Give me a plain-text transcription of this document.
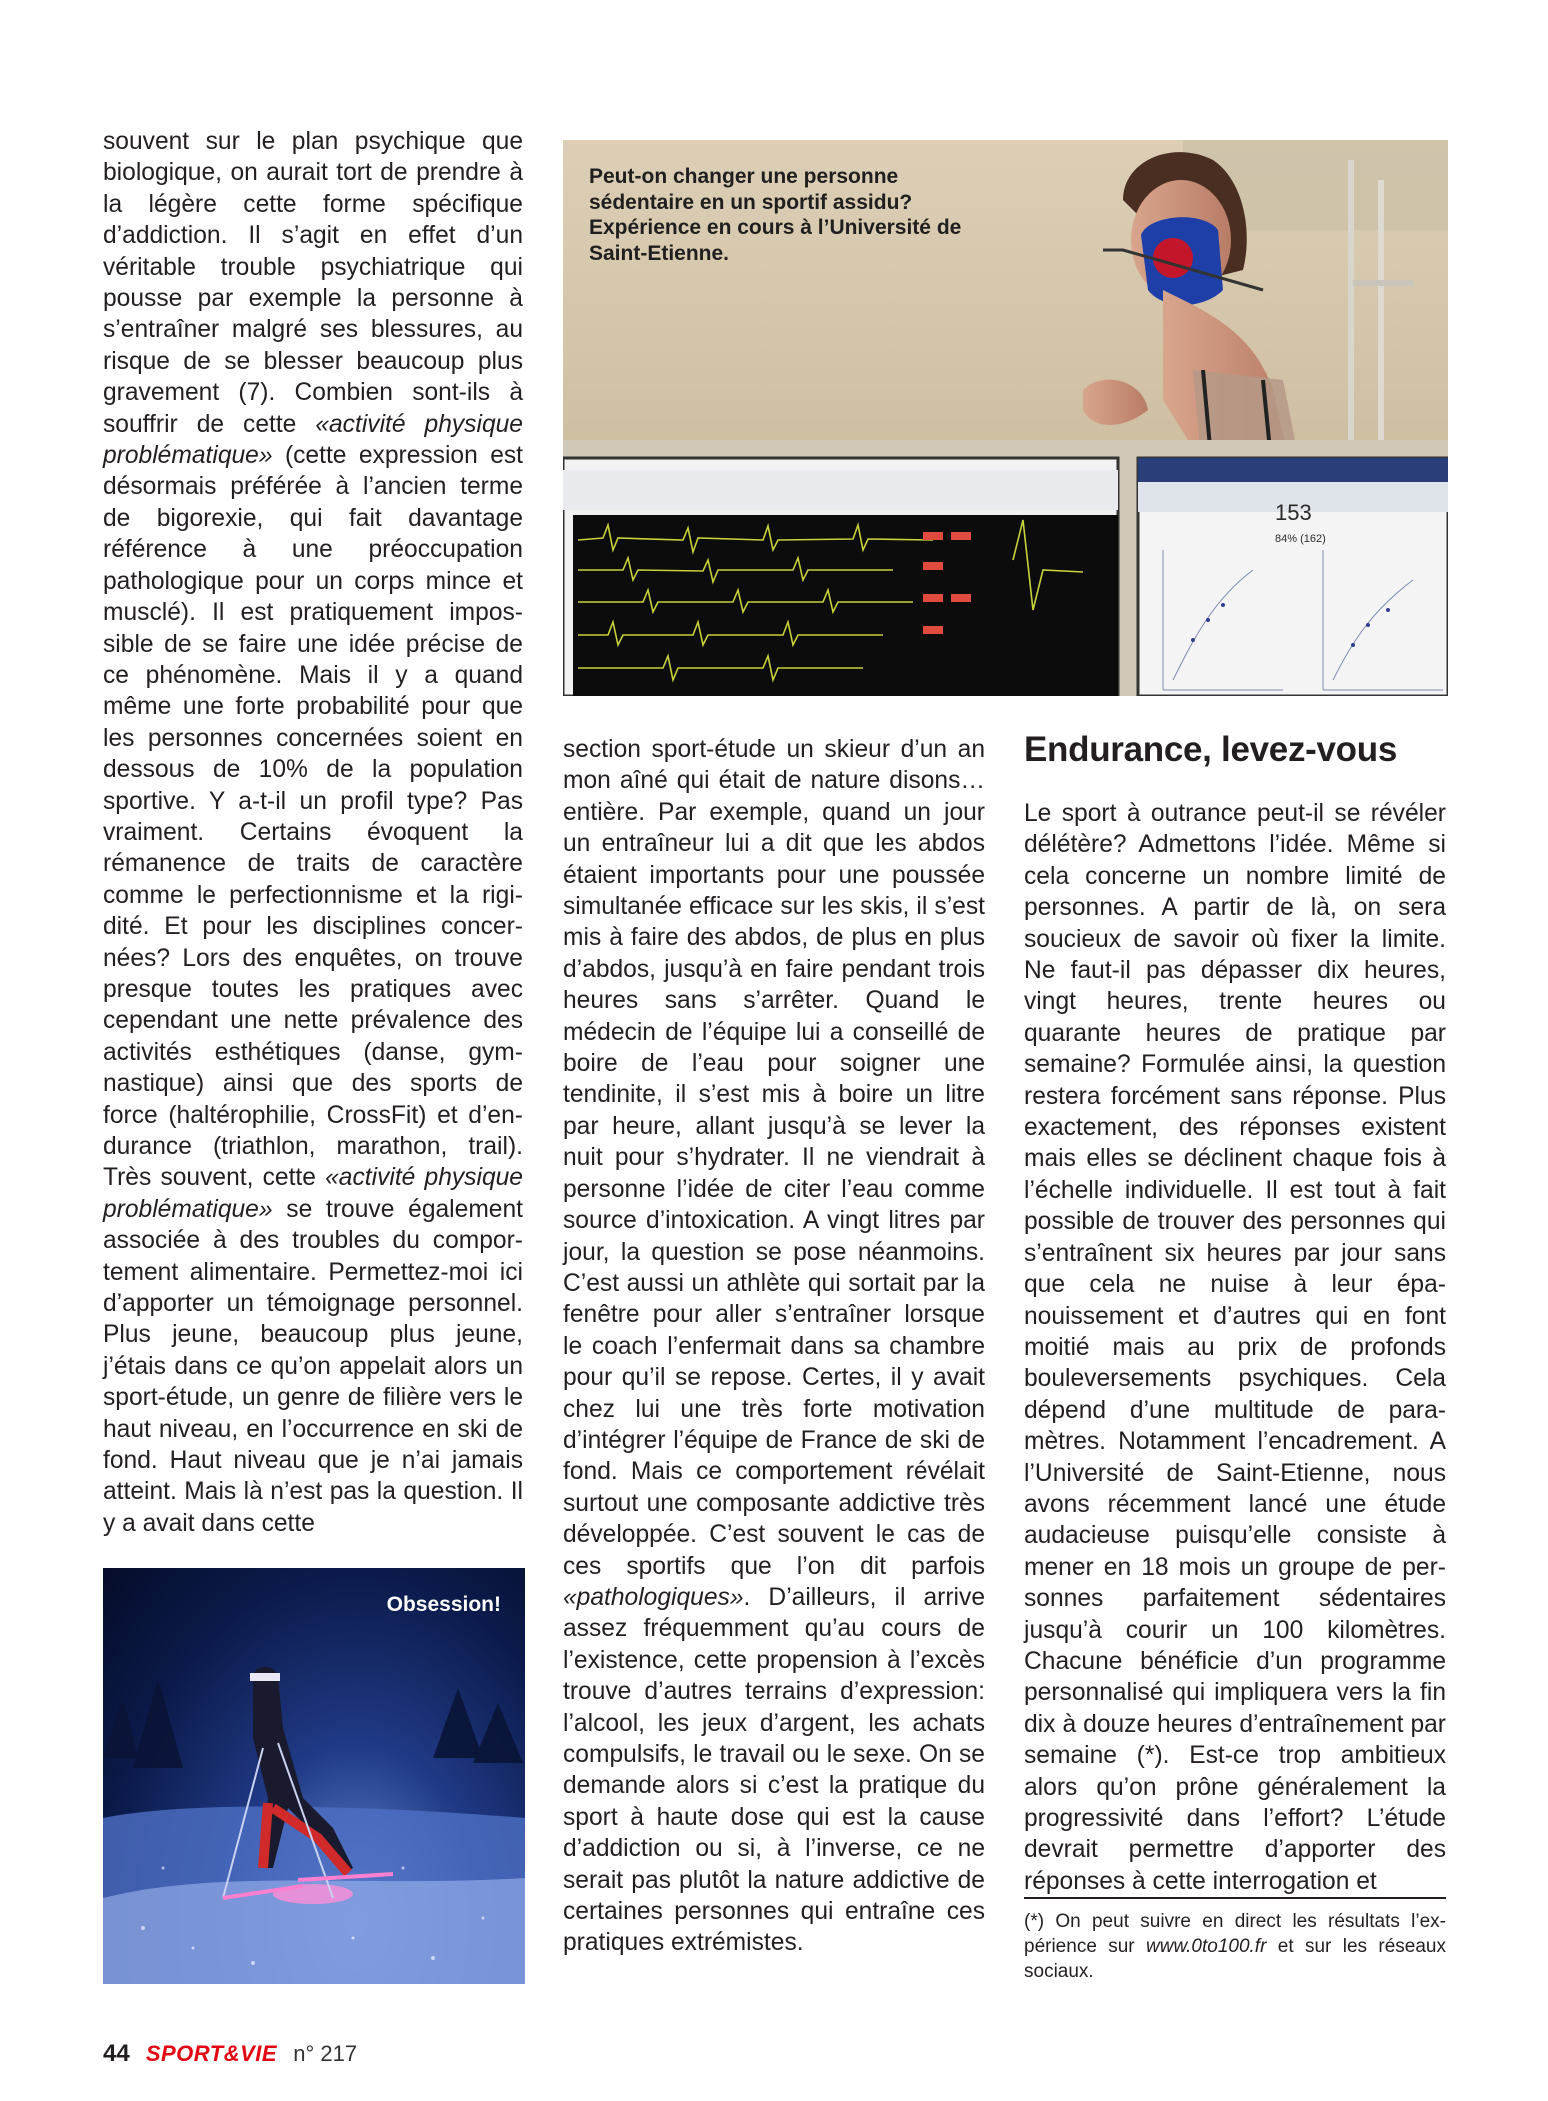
souvent sur le plan psychique que biologique, on aurait tort de prendre à la légère cette forme spécifique d’addiction. Il s’agit en effet d’un véritable trouble psychiatrique qui pousse par exemple la personne à s’entraîner malgré ses blessures, au risque de se blesser beaucoup plus gravement (7). Combien sont-ils à souffrir de cette «activité physique problématique» (cette expression est désormais préférée à l’ancien terme de bigorexie, qui fait davantage référence à une préoccupation pathologique pour un corps mince et musclé). Il est pratiquement impossible de se faire une idée précise de ce phénomène. Mais il y a quand même une forte probabilité pour que les personnes concernées soient en dessous de 10% de la population sportive. Y a-t-il un profil type? Pas vraiment. Certains évoquent la rémanence de traits de caractère comme le perfectionnisme et la rigidité. Et pour les disciplines concernées? Lors des enquêtes, on trouve presque toutes les pratiques avec cependant une nette prévalence des activités esthétiques (danse, gymnastique) ainsi que des sports de force (haltérophilie, CrossFit) et d’endurance (triathlon, marathon, trail). Très souvent, cette «activité physique problématique» se trouve également associée à des troubles du comportement alimentaire. Permettez-moi ici d’apporter un témoignage personnel. Plus jeune, beaucoup plus jeune, j’étais dans ce qu’on appelait alors un sport-étude, un genre de filière vers le haut niveau, en l’occurrence en ski de fond. Haut niveau que je n’ai jamais atteint. Mais là n’est pas la question. Il y a avait dans cette

153
84% (162)
Peut-on changer une personne sédentaire en un sportif assidu? Expérience en cours à l’Université de Saint-Etienne.

section sport-étude un skieur d’un an mon aîné qui était de nature disons… entière. Par exemple, quand un jour un entraîneur lui a dit que les abdos étaient importants pour une poussée simultanée efficace sur les skis, il s’est mis à faire des abdos, de plus en plus d’abdos, jusqu’à en faire pendant trois heures sans s’arrêter. Quand le médecin de l’équipe lui a conseillé de boire de l’eau pour soigner une tendinite, il s’est mis à boire un litre par heure, allant jusqu’à se lever la nuit pour s’hydrater. Il ne viendrait à personne l’idée de citer l’eau comme source d’intoxication. A vingt litres par jour, la question se pose néanmoins. C’est aussi un athlète qui sortait par la fenêtre pour aller s’entraîner lorsque le coach l’enfermait dans sa chambre pour qu’il se repose. Certes, il y avait chez lui une très forte motivation d’intégrer l’équipe de France de ski de fond. Mais ce comportement révélait surtout une composante addictive très développée. C’est souvent le cas de ces sportifs que l’on dit parfois «pathologiques». D’ailleurs, il arrive assez fréquemment qu’au cours de l’existence, cette propension à l’excès trouve d’autres terrains d’expression: l’alcool, les jeux d’argent, les achats compulsifs, le travail ou le sexe. On se demande alors si c’est la pratique du sport à haute dose qui est la cause d’addiction ou si, à l’inverse, ce ne serait pas plutôt la nature addictive de certaines personnes qui entraîne ces pratiques extrémistes.

Endurance, levez-vous

Le sport à outrance peut-il se révéler délétère? Admettons l’idée. Même si cela concerne un nombre limité de personnes. A partir de là, on sera soucieux de savoir où fixer la limite. Ne faut-il pas dépasser dix heures, vingt heures, trente heures ou quarante heures de pratique par semaine? Formulée ainsi, la question restera forcément sans réponse. Plus exactement, des réponses existent mais elles se déclinent chaque fois à l’échelle individuelle. Il est tout à fait possible de trouver des personnes qui s’entraînent six heures par jour sans que cela ne nuise à leur épanouissement et d’autres qui en font moitié mais au prix de profonds bouleversements psychiques. Cela dépend d’une multitude de paramètres. Notamment l’encadrement. A l’Université de Saint-Etienne, nous avons récemment lancé une étude audacieuse puisqu’elle consiste à mener en 18 mois un groupe de personnes parfaitement sédentaires jusqu’à courir un 100 kilomètres. Chacune bénéficie d’un programme personnalisé qui impliquera vers la fin dix à douze heures d’entraînement par semaine (*). Est-ce trop ambitieux alors qu’on prône généralement la progressivité dans l’effort? L’étude devrait permettre d’apporter des réponses à cette interrogation et

(*) On peut suivre en direct les résultats l’expérience sur www.0to100.fr et sur les réseaux sociaux.
Obsession!
44 SPORT&VIE n° 217
